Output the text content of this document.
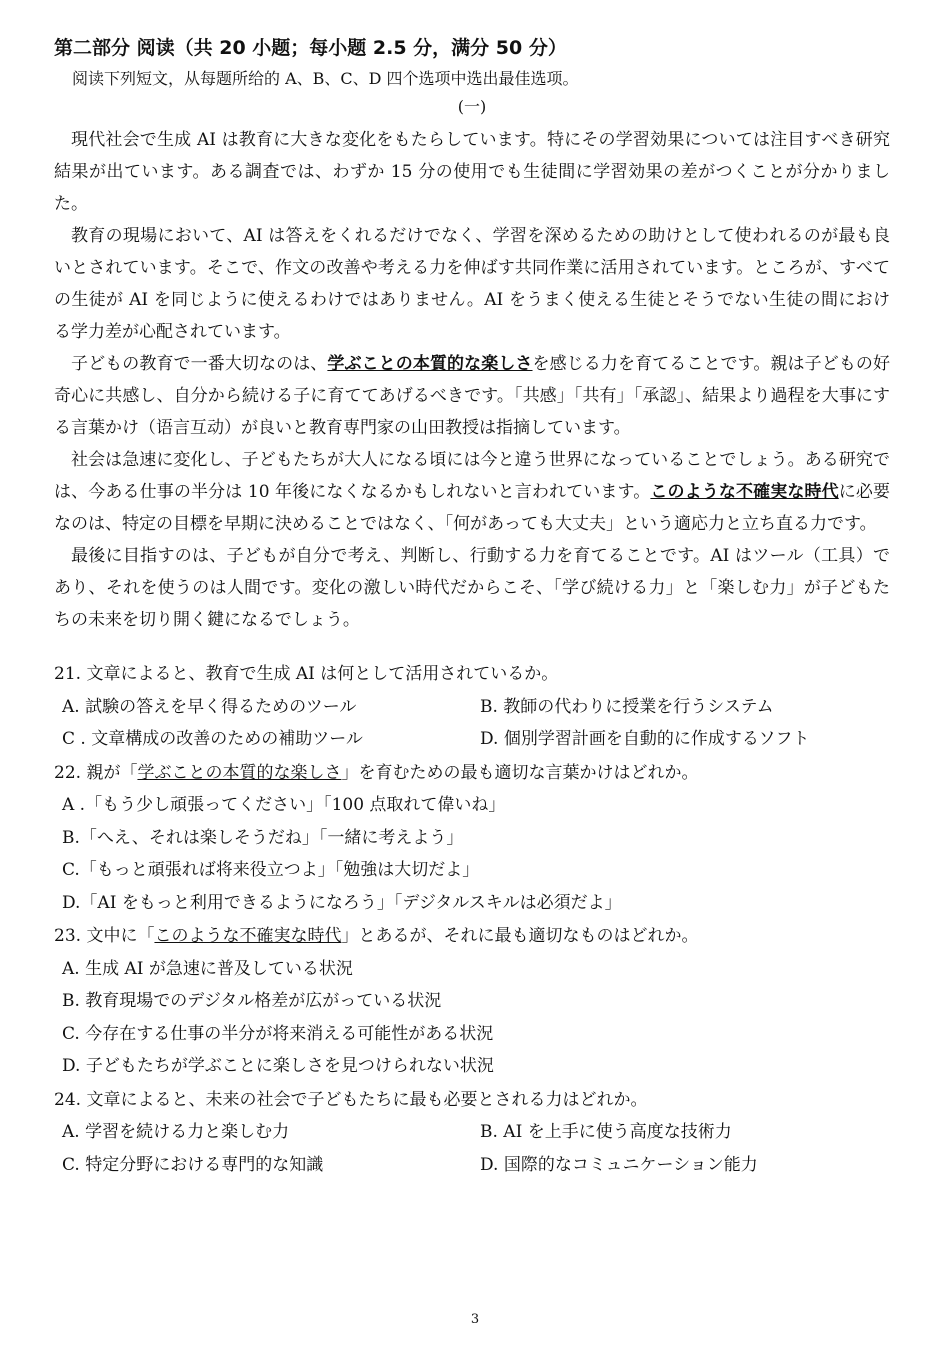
第二部分 阅读（共 20 小题；每小题 2.5 分，满分 50 分）
阅读下列短文，从每题所给的 A、B、C、D 四个选项中选出最佳选项。
(一)

現代社会で生成 AI は教育に大きな変化をもたらしています。特にその学習効果については注目すべき研究結果が出ています。ある調査では、わずか 15 分の使用でも生徒間に学習効果の差がつくことが分かりました。

教育の現場において、AI は答えをくれるだけでなく、学習を深めるための助けとして使われるのが最も良いとされています。そこで、作文の改善や考える力を伸ばす共同作業に活用されています。ところが、すべての生徒が AI を同じように使えるわけではありません。AI をうまく使える生徒とそうでない生徒の間における学力差が心配されています。

子どもの教育で一番大切なのは、学ぶことの本質的な楽しさを感じる力を育てることです。親は子どもの好奇心に共感し、自分から続ける子に育ててあげるべきです。「共感」「共有」「承認」、結果より過程を大事にする言葉かけ（语言互动）が良いと教育専門家の山田教授は指摘しています。

社会は急速に変化し、子どもたちが大人になる頃には今と違う世界になっていることでしょう。ある研究では、今ある仕事の半分は 10 年後になくなるかもしれないと言われています。このような不確実な時代に必要なのは、特定の目標を早期に決めることではなく、「何があっても大丈夫」という適応力と立ち直る力です。

最後に目指すのは、子どもが自分で考え、判断し、行動する力を育てることです。AI はツール（工具）であり、それを使うのは人間です。変化の激しい時代だからこそ、「学び続ける力」と「楽しむ力」が子どもたちの未来を切り開く鍵になるでしょう。

21. 文章によると、教育で生成 AI は何として活用されているか。

A. 試験の答えを早く得るためのツール	B. 教師の代わりに授業を行うシステム
C . 文章構成の改善のための補助ツール	D. 個別学習計画を自動的に作成するソフト

22. 親が「学ぶことの本質的な楽しさ」を育むための最も適切な言葉かけはどれか。

A .「もう少し頑張ってください」「100 点取れて偉いね」
B.「へえ、それは楽しそうだね」「一緒に考えよう」
C.「もっと頑張れば将来役立つよ」「勉強は大切だよ」
D.「AI をもっと利用できるようになろう」「デジタルスキルは必須だよ」

23. 文中に「このような不確実な時代」とあるが、それに最も適切なものはどれか。

A. 生成 AI が急速に普及している状況
B. 教育現場でのデジタル格差が広がっている状況
C. 今存在する仕事の半分が将来消える可能性がある状況
D. 子どもたちが学ぶことに楽しさを見つけられない状況

24. 文章によると、未来の社会で子どもたちに最も必要とされる力はどれか。

A. 学習を続ける力と楽しむ力	B. AI を上手に使う高度な技術力
C. 特定分野における専門的な知識	D. 国際的なコミュニケーション能力
3
